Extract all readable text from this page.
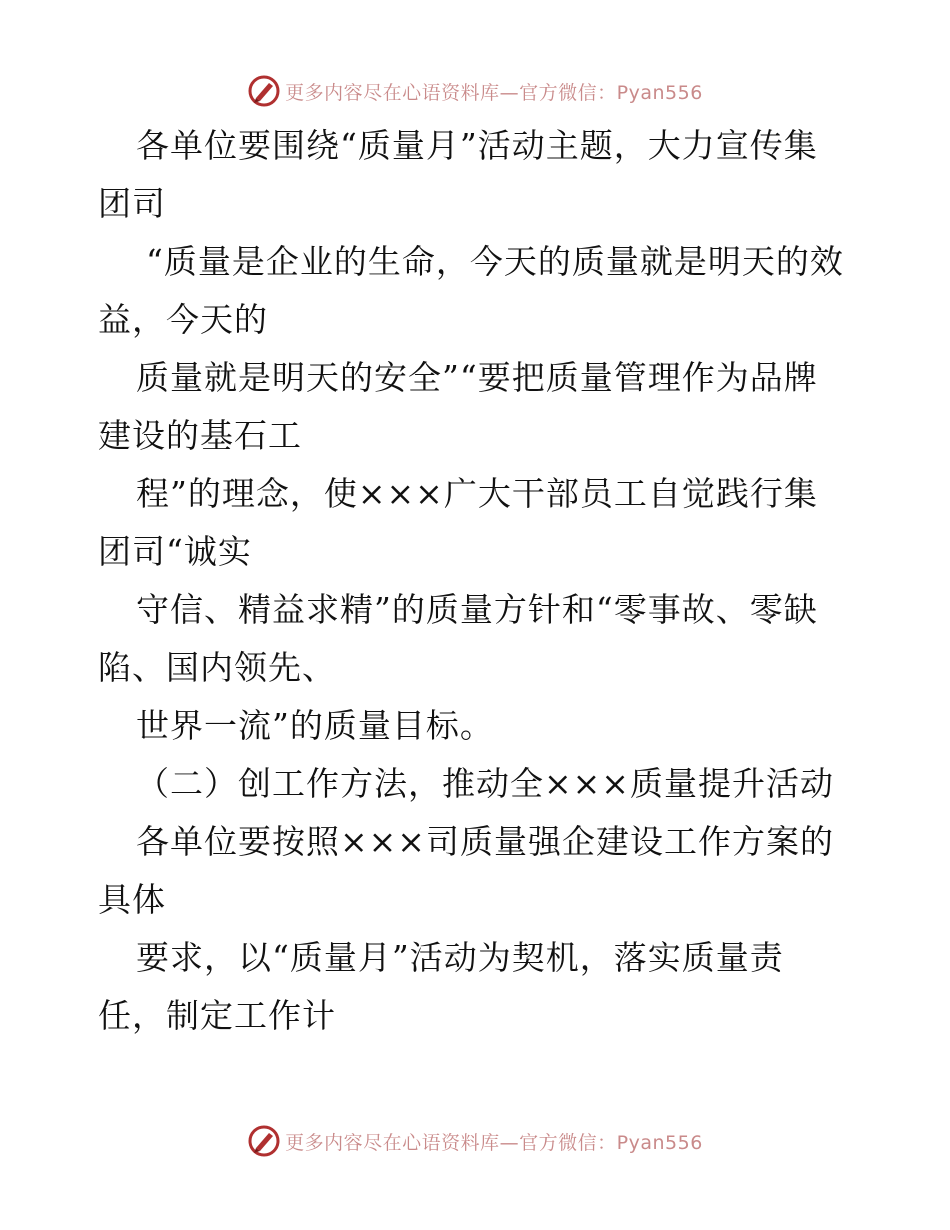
更多内容尽在心语资料库—官方微信：Pyan556
各单位要围绕“质量月”活动主题，大力宣传集
团司
“质量是企业的生命，今天的质量就是明天的效
益，今天的
质量就是明天的安全”“要把质量管理作为品牌
建设的基石工
程”的理念，使×××广大干部员工自觉践行集
团司“诚实
守信、精益求精”的质量方针和“零事故、零缺
陷、国内领先、
世界一流”的质量目标。
（二）创工作方法，推动全×××质量提升活动
各单位要按照×××司质量强企建设工作方案的
具体
要求，以“质量月”活动为契机，落实质量责
任，制定工作计
更多内容尽在心语资料库—官方微信：Pyan556
